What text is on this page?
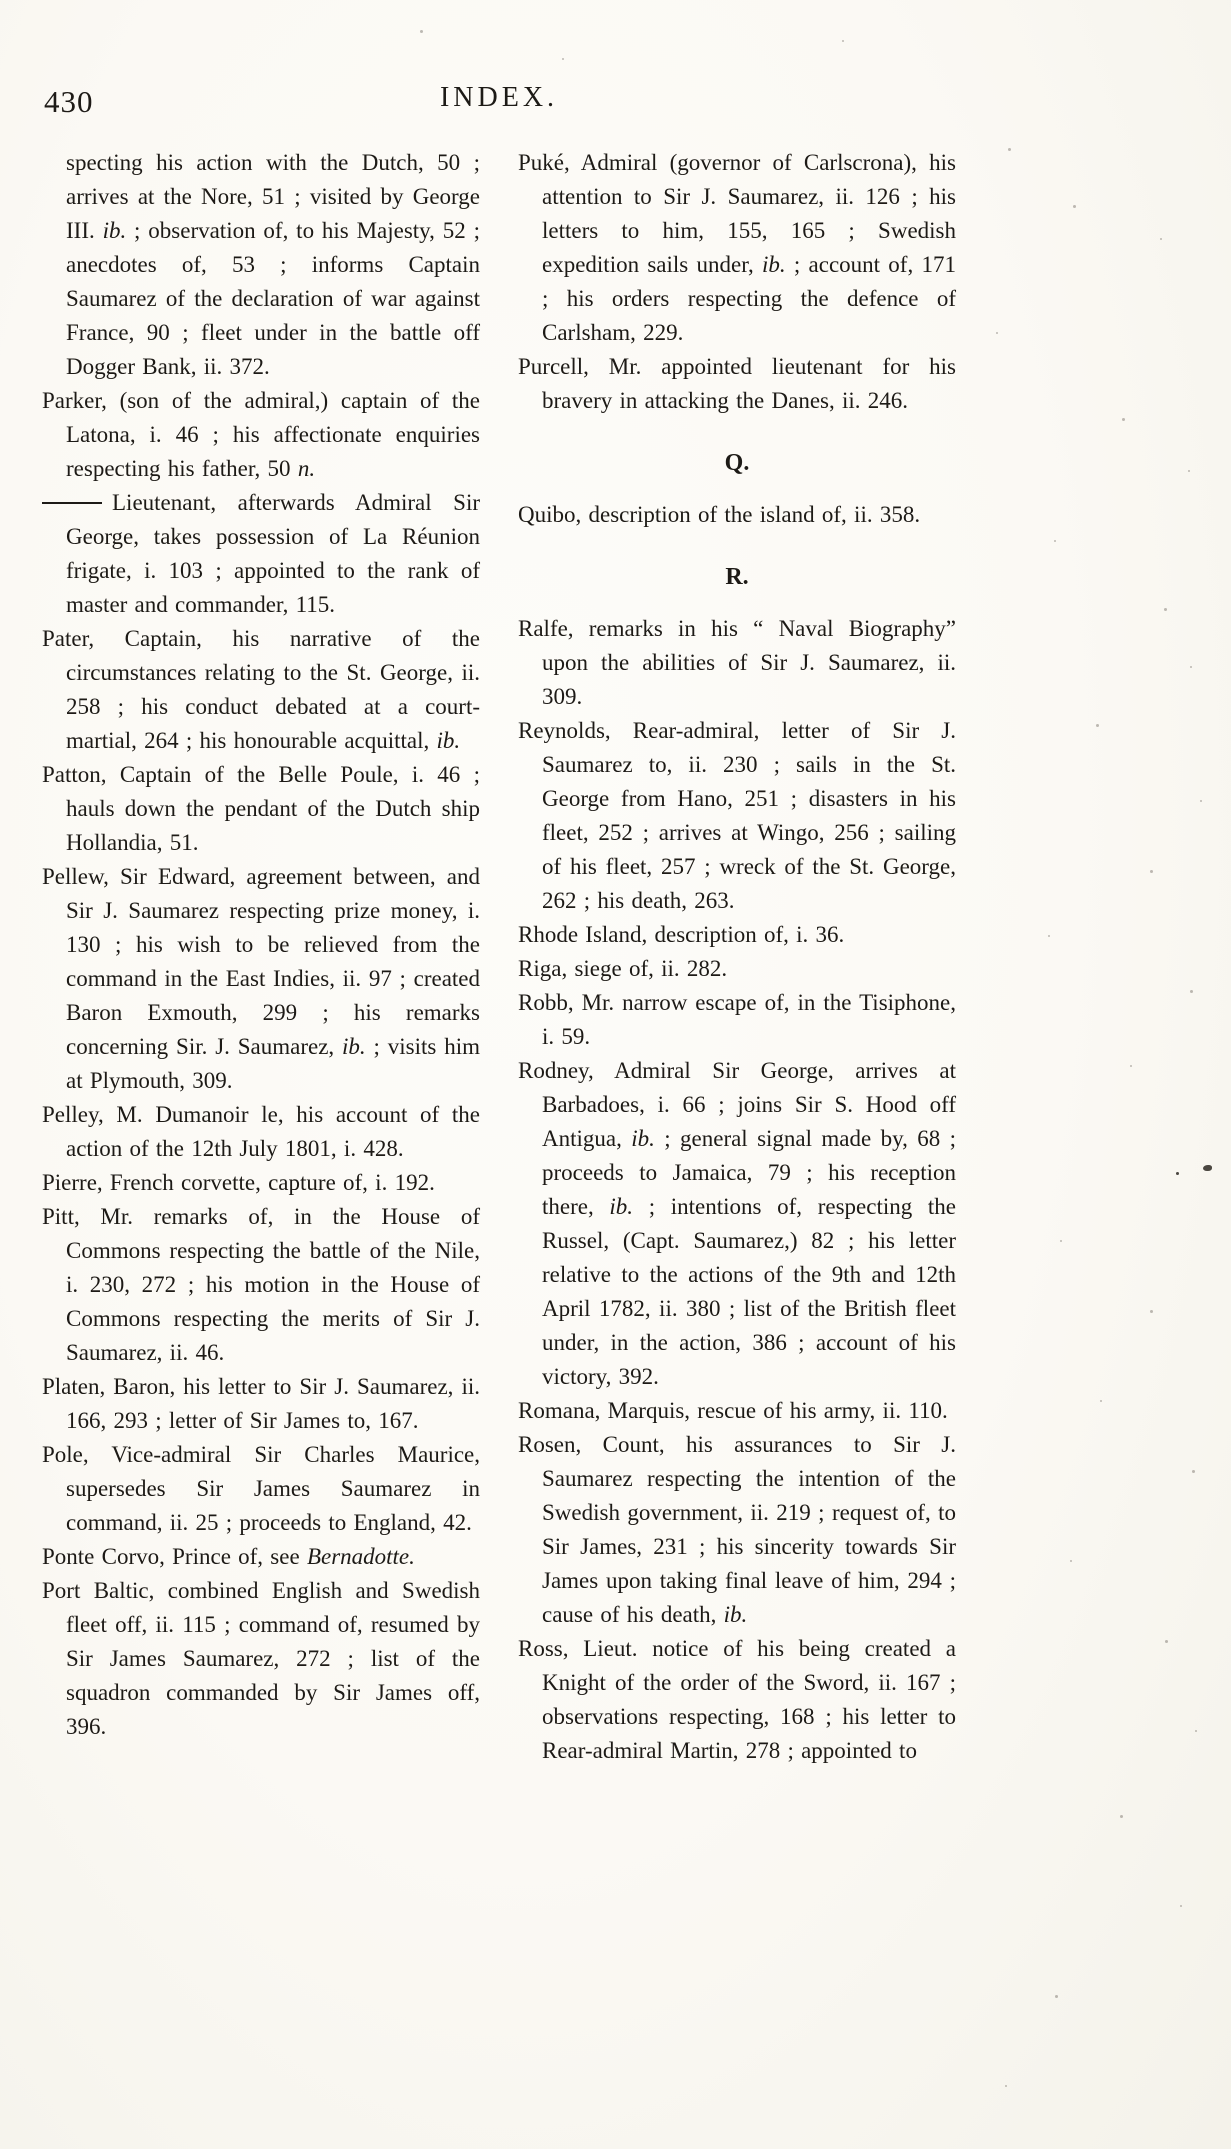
430	INDEX.

specting his action with the Dutch, 50 ; arrives at the Nore, 51 ; visited by George III. ib. ; observation of, to his Majesty, 52 ; anecdotes of, 53 ; informs Captain Saumarez of the declaration of war against France, 90 ; fleet under in the battle off Dogger Bank, ii. 372.

Parker, (son of the admiral,) captain of the Latona, i. 46 ; his affectionate enquiries respecting his father, 50 n.

Lieutenant, afterwards Admiral Sir George, takes possession of La Réunion frigate, i. 103 ; appointed to the rank of master and commander, 115.

Pater, Captain, his narrative of the circumstances relating to the St. George, ii. 258 ; his conduct debated at a court-martial, 264 ; his honourable acquittal, ib.

Patton, Captain of the Belle Poule, i. 46 ; hauls down the pendant of the Dutch ship Hollandia, 51.

Pellew, Sir Edward, agreement between, and Sir J. Saumarez respecting prize money, i. 130 ; his wish to be relieved from the command in the East Indies, ii. 97 ; created Baron Exmouth, 299 ; his remarks concerning Sir. J. Saumarez, ib. ; visits him at Plymouth, 309.

Pelley, M. Dumanoir le, his account of the action of the 12th July 1801, i. 428.

Pierre, French corvette, capture of, i. 192.

Pitt, Mr. remarks of, in the House of Commons respecting the battle of the Nile, i. 230, 272 ; his motion in the House of Commons respecting the merits of Sir J. Saumarez, ii. 46.

Platen, Baron, his letter to Sir J. Saumarez, ii. 166, 293 ; letter of Sir James to, 167.

Pole, Vice-admiral Sir Charles Maurice, supersedes Sir James Saumarez in command, ii. 25 ; proceeds to England, 42.

Ponte Corvo, Prince of, see Bernadotte.

Port Baltic, combined English and Swedish fleet off, ii. 115 ; command of, resumed by Sir James Saumarez, 272 ; list of the squadron commanded by Sir James off, 396.

Puké, Admiral (governor of Carlscrona), his attention to Sir J. Saumarez, ii. 126 ; his letters to him, 155, 165 ; Swedish expedition sails under, ib. ; account of, 171 ; his orders respecting the defence of Carlsham, 229.

Purcell, Mr. appointed lieutenant for his bravery in attacking the Danes, ii. 246.

Q.

Quibo, description of the island of, ii. 358.

R.

Ralfe, remarks in his “ Naval Biography” upon the abilities of Sir J. Saumarez, ii. 309.

Reynolds, Rear-admiral, letter of Sir J. Saumarez to, ii. 230 ; sails in the St. George from Hano, 251 ; disasters in his fleet, 252 ; arrives at Wingo, 256 ; sailing of his fleet, 257 ; wreck of the St. George, 262 ; his death, 263.

Rhode Island, description of, i. 36.

Riga, siege of, ii. 282.

Robb, Mr. narrow escape of, in the Tisiphone, i. 59.

Rodney, Admiral Sir George, arrives at Barbadoes, i. 66 ; joins Sir S. Hood off Antigua, ib. ; general signal made by, 68 ; proceeds to Jamaica, 79 ; his reception there, ib. ; intentions of, respecting the Russel, (Capt. Saumarez,) 82 ; his letter relative to the actions of the 9th and 12th April 1782, ii. 380 ; list of the British fleet under, in the action, 386 ; account of his victory, 392.

Romana, Marquis, rescue of his army, ii. 110.

Rosen, Count, his assurances to Sir J. Saumarez respecting the intention of the Swedish government, ii. 219 ; request of, to Sir James, 231 ; his sincerity towards Sir James upon taking final leave of him, 294 ; cause of his death, ib.

Ross, Lieut. notice of his being created a Knight of the order of the Sword, ii. 167 ; observations respecting, 168 ; his letter to Rear-admiral Martin, 278 ; appointed to
